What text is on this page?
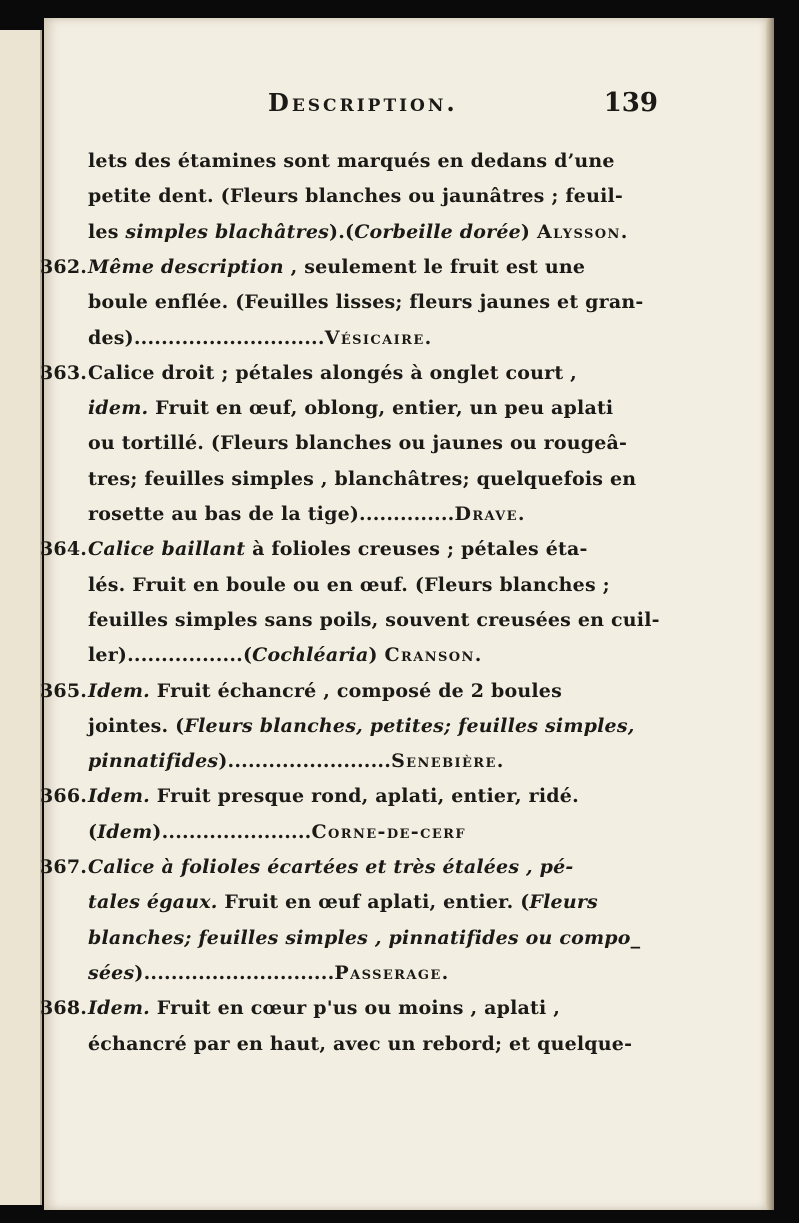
Description.	139
lets des étamines sont marqués en dedans d’une
petite dent. (Fleurs blanches ou jaunâtres ; feuil-
les simples blachâtres).(Corbeille dorée) Alysson.
362.Même description , seulement le fruit est une
boule enflée. (Feuilles lisses; fleurs jaunes et gran-
des)............................Vésicaire.
363.Calice droit ; pétales alongés à onglet court ,
idem. Fruit en œuf, oblong, entier, un peu aplati
ou tortillé. (Fleurs blanches ou jaunes ou rougeâ-
tres; feuilles simples , blanchâtres; quelquefois en
rosette au bas de la tige)..............Drave.
364.Calice baillant à folioles creuses ; pétales éta-
lés. Fruit en boule ou en œuf. (Fleurs blanches ;
feuilles simples sans poils, souvent creusées en cuil-
ler).................(Cochléaria) Cranson.
365.Idem. Fruit échancré , composé de 2 boules
jointes. (Fleurs blanches, petites; feuilles simples,
pinnatifides)........................Senebière.
366.Idem. Fruit presque rond, aplati, entier, ridé.
(Idem)......................Corne-de-cerf
367.Calice à folioles écartées et très étalées , pé-
tales égaux. Fruit en œuf aplati, entier. (Fleurs
blanches; feuilles simples , pinnatifides ou compo_
sées)............................Passerage.
368.Idem. Fruit en cœur p'us ou moins , aplati ,
échancré par en haut, avec un rebord; et quelque-
